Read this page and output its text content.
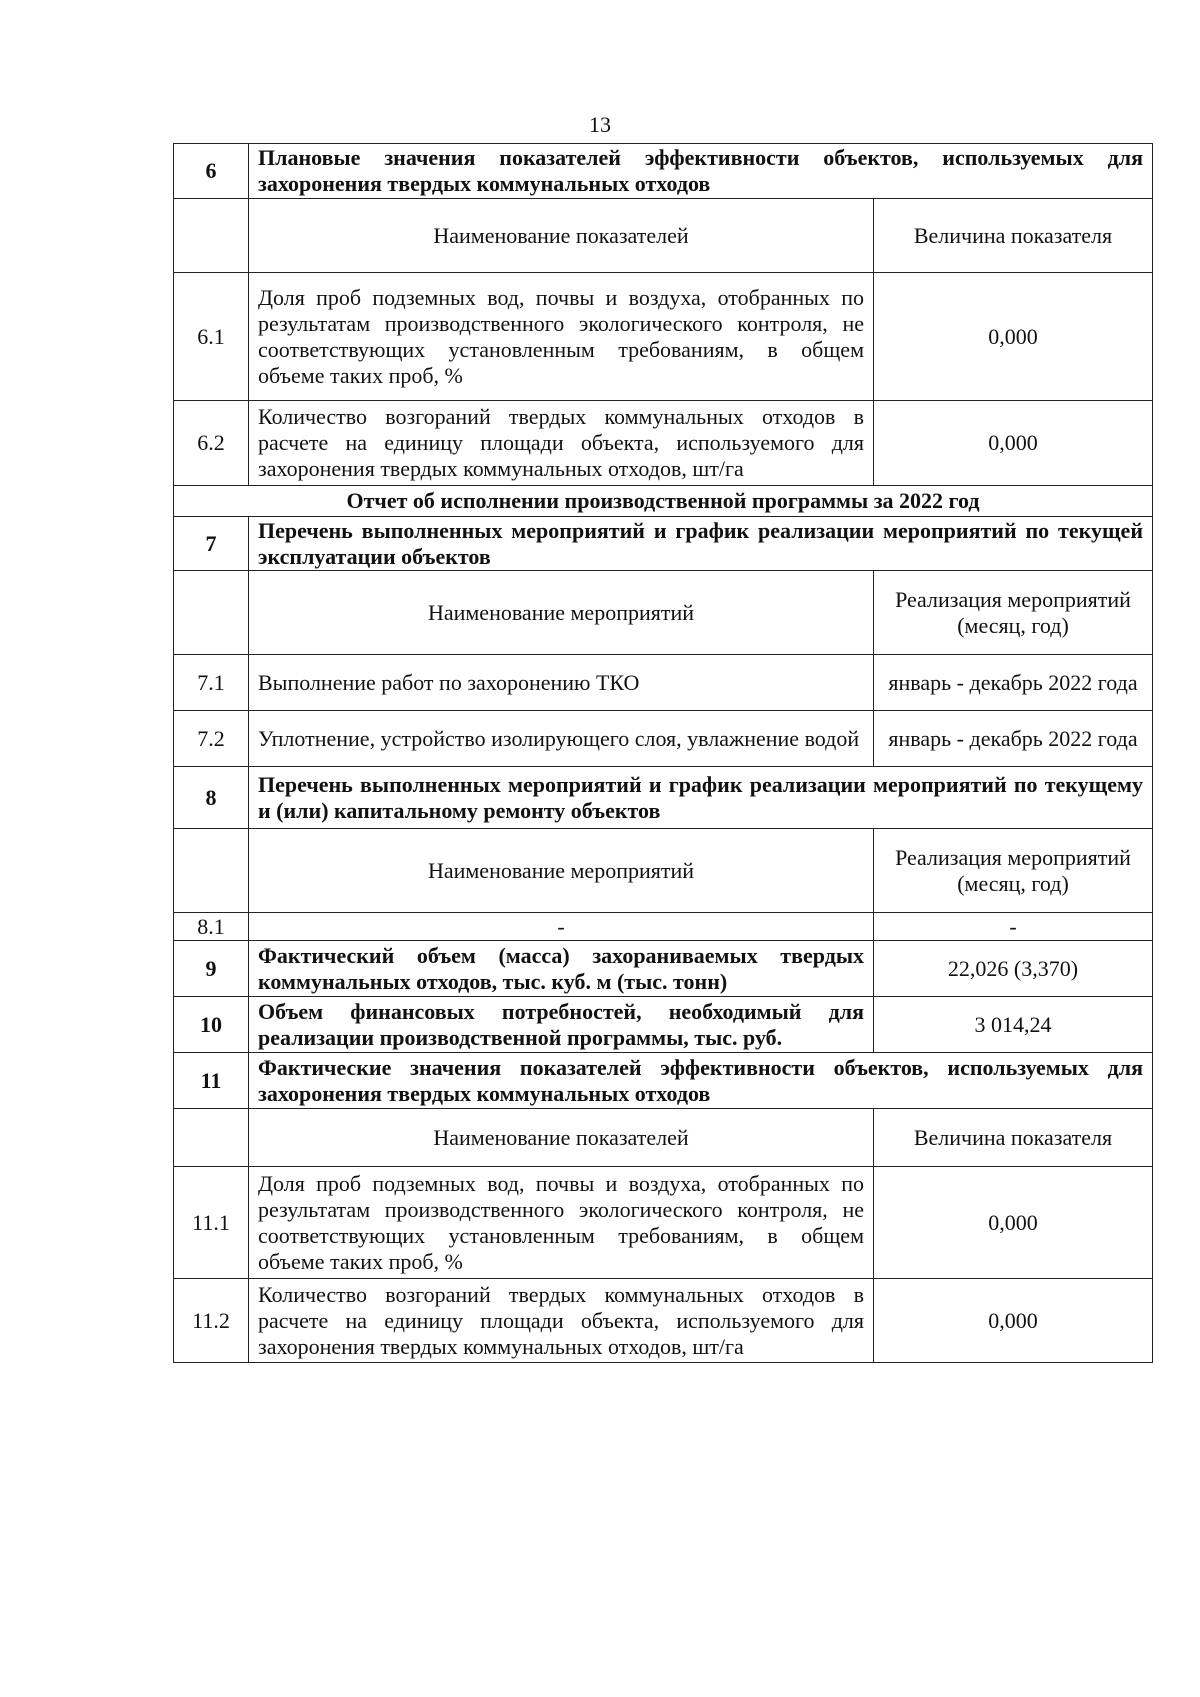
13
6	Плановые значения показателей эффективности объектов, используемых для захоронения твердых коммунальных отходов	
	Наименование показателей	Величина показателя
6.1	Доля проб подземных вод, почвы и воздуха, отобранных по результатам производственного экологического контроля, не соответствующих установленным требованиям, в общем объеме таких проб, %	0,000
6.2	Количество возгораний твердых коммунальных отходов в расчете на единицу площади объекта, используемого для захоронения твердых коммунальных отходов, шт/га	0,000
Отчет об исполнении производственной программы за 2022 год		
7	Перечень выполненных мероприятий и график реализации мероприятий по текущей эксплуатации объектов	
	Наименование мероприятий	Реализация мероприятий (месяц, год)
7.1	Выполнение работ по захоронению ТКО	январь - декабрь 2022 года
7.2	Уплотнение, устройство изолирующего слоя, увлажнение водой	январь - декабрь 2022 года
8	Перечень выполненных мероприятий и график реализации мероприятий по текущему и (или) капитальному ремонту объектов	
	Наименование мероприятий	Реализация мероприятий (месяц, год)
8.1	-	-
9	Фактический объем (масса) захораниваемых твердых коммунальных отходов, тыс. куб. м (тыс. тонн)	22,026 (3,370)
10	Объем финансовых потребностей, необходимый для реализации производственной программы, тыс. руб.	3 014,24
11	Фактические значения показателей эффективности объектов, используемых для захоронения твердых коммунальных отходов	
	Наименование показателей	Величина показателя
11.1	Доля проб подземных вод, почвы и воздуха, отобранных по результатам производственного экологического контроля, не соответствующих установленным требованиям, в общем объеме таких проб, %	0,000
11.2	Количество возгораний твердых коммунальных отходов в расчете на единицу площади объекта, используемого для захоронения твердых коммунальных отходов, шт/га	0,000
